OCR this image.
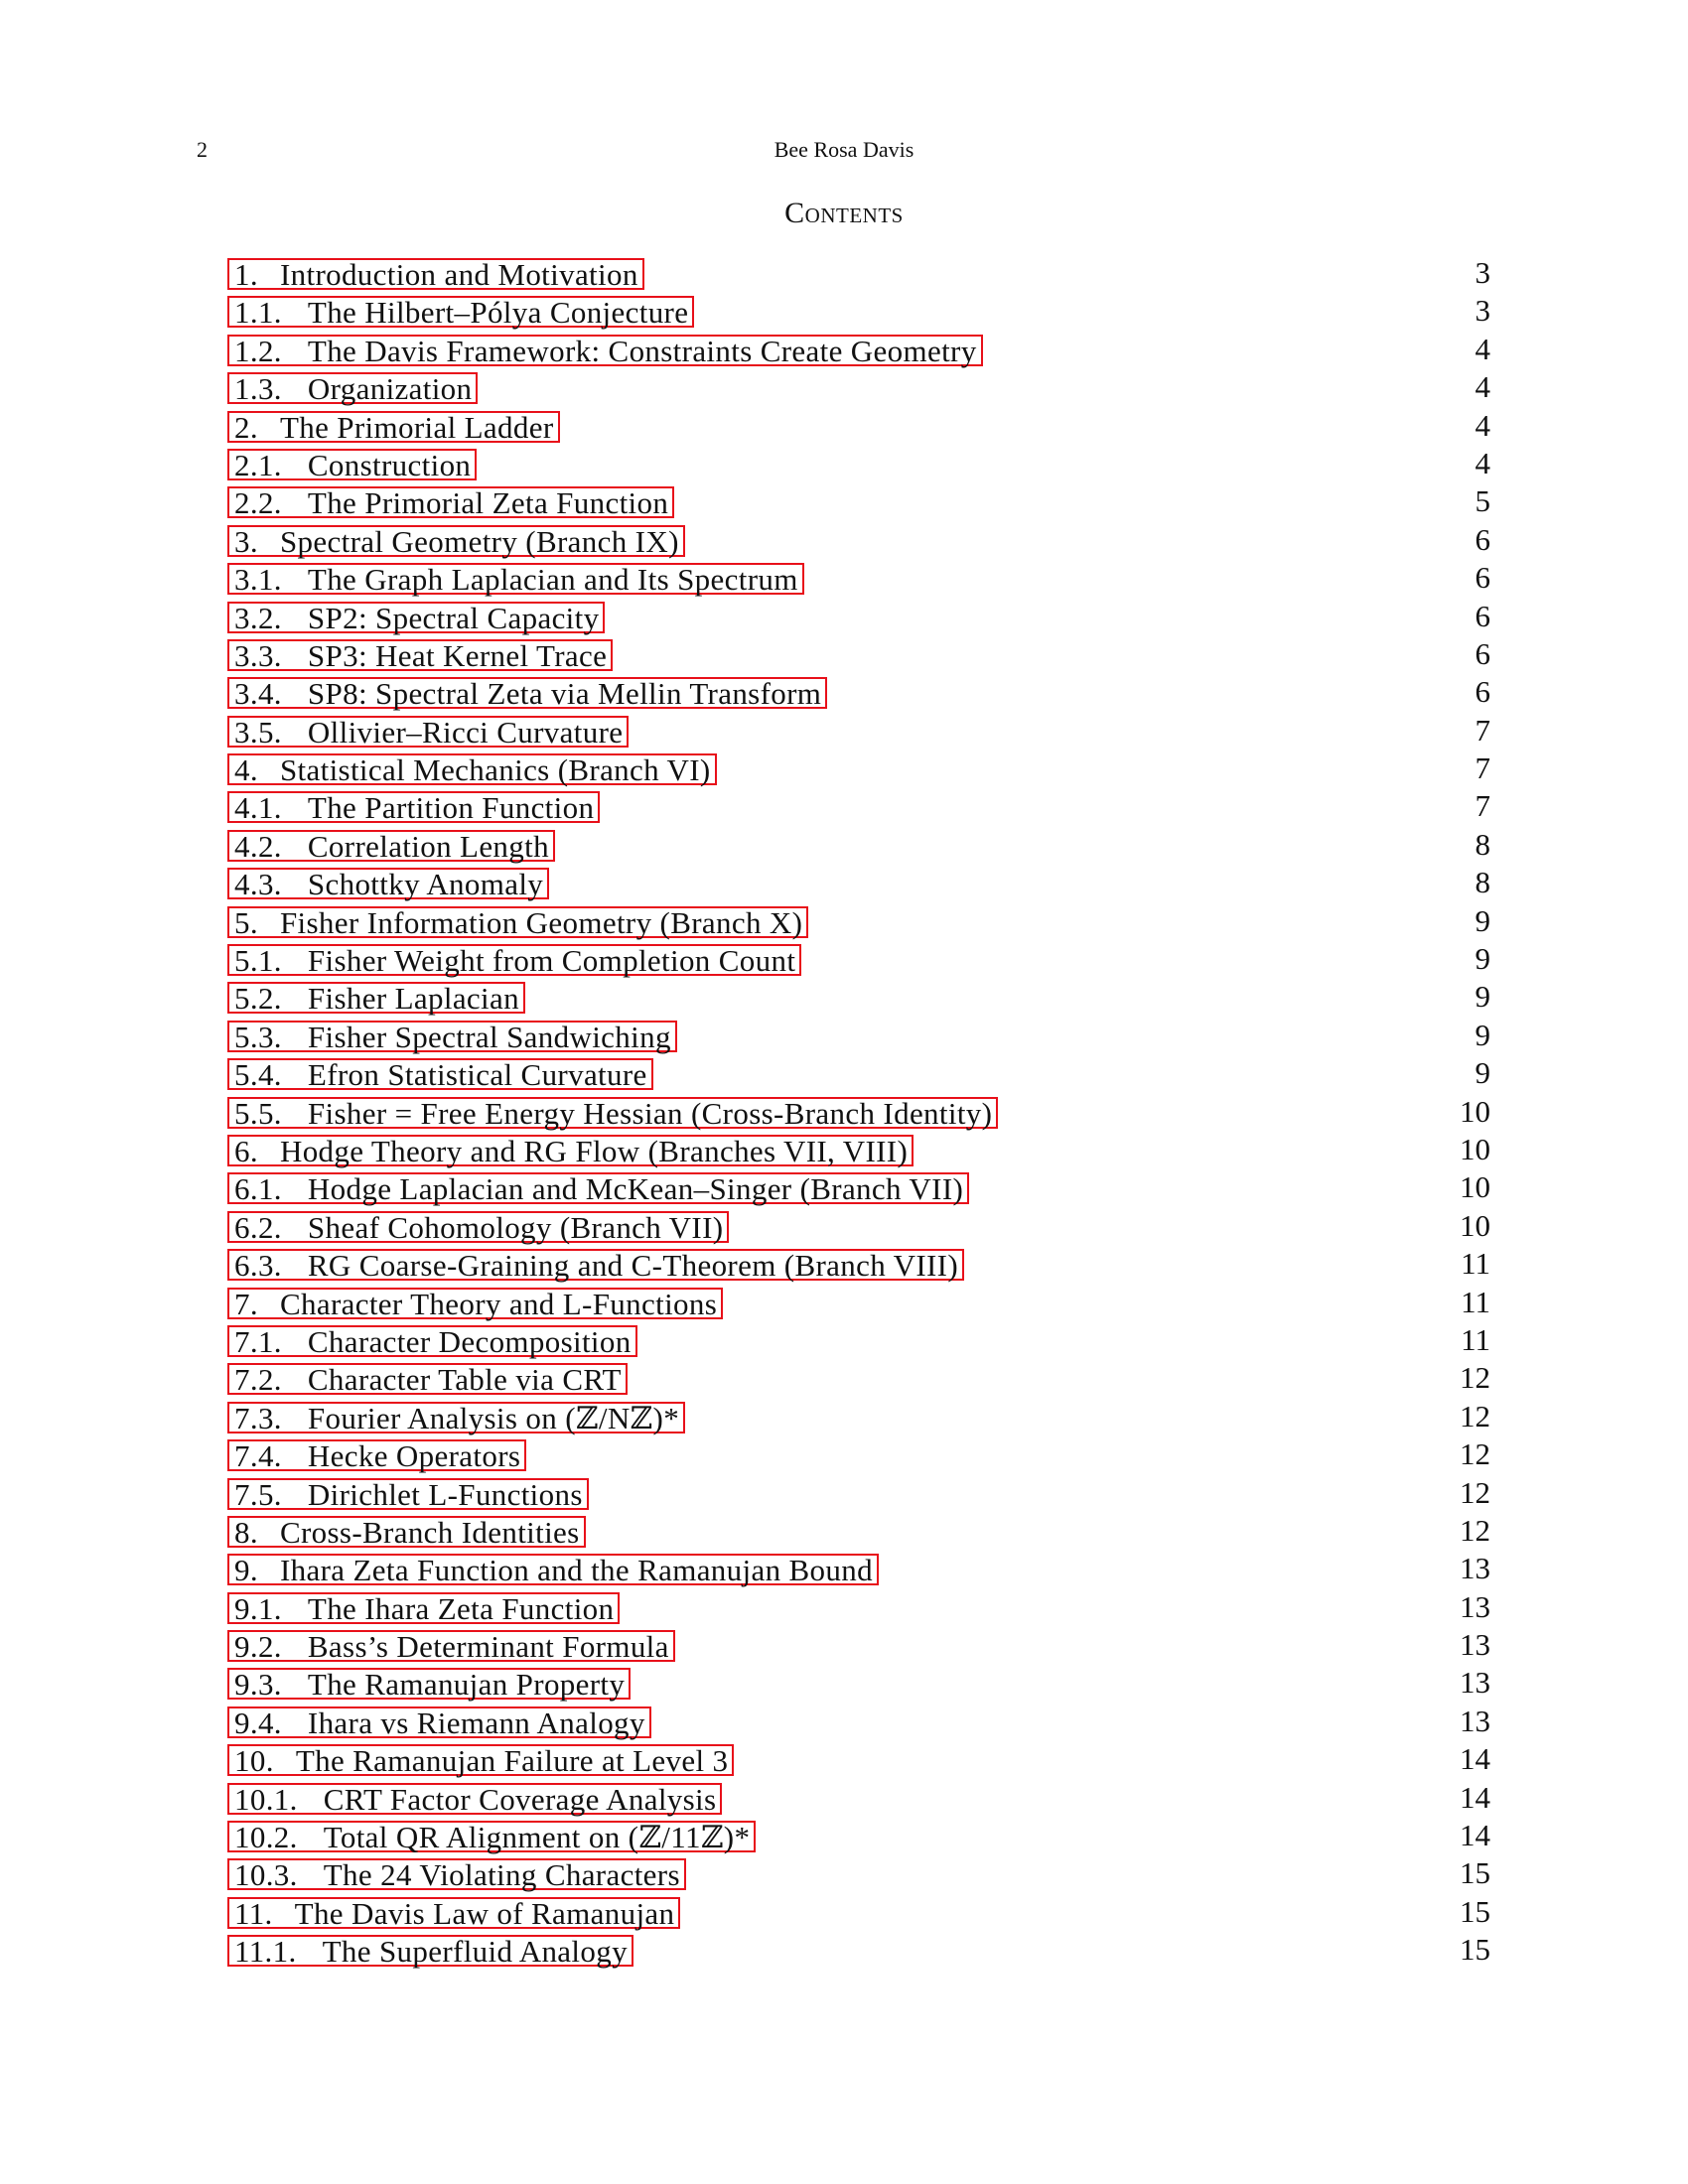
2	Bee Rosa Davis
Contents
1. Introduction and Motivation	3
1.1. The Hilbert–Pólya Conjecture	3
1.2. The Davis Framework: Constraints Create Geometry	4
1.3. Organization	4
2. The Primorial Ladder	4
2.1. Construction	4
2.2. The Primorial Zeta Function	5
3. Spectral Geometry (Branch IX)	6
3.1. The Graph Laplacian and Its Spectrum	6
3.2. SP2: Spectral Capacity	6
3.3. SP3: Heat Kernel Trace	6
3.4. SP8: Spectral Zeta via Mellin Transform	6
3.5. Ollivier–Ricci Curvature	7
4. Statistical Mechanics (Branch VI)	7
4.1. The Partition Function	7
4.2. Correlation Length	8
4.3. Schottky Anomaly	8
5. Fisher Information Geometry (Branch X)	9
5.1. Fisher Weight from Completion Count	9
5.2. Fisher Laplacian	9
5.3. Fisher Spectral Sandwiching	9
5.4. Efron Statistical Curvature	9
5.5. Fisher = Free Energy Hessian (Cross-Branch Identity)	10
6. Hodge Theory and RG Flow (Branches VII, VIII)	10
6.1. Hodge Laplacian and McKean–Singer (Branch VII)	10
6.2. Sheaf Cohomology (Branch VII)	10
6.3. RG Coarse-Graining and C-Theorem (Branch VIII)	11
7. Character Theory and L-Functions	11
7.1. Character Decomposition	11
7.2. Character Table via CRT	12
7.3. Fourier Analysis on (ℤ/Nℤ)*	12
7.4. Hecke Operators	12
7.5. Dirichlet L-Functions	12
8. Cross-Branch Identities	12
9. Ihara Zeta Function and the Ramanujan Bound	13
9.1. The Ihara Zeta Function	13
9.2. Bass’s Determinant Formula	13
9.3. The Ramanujan Property	13
9.4. Ihara vs Riemann Analogy	13
10. The Ramanujan Failure at Level 3	14
10.1. CRT Factor Coverage Analysis	14
10.2. Total QR Alignment on (ℤ/11ℤ)*	14
10.3. The 24 Violating Characters	15
11. The Davis Law of Ramanujan	15
11.1. The Superfluid Analogy	15
